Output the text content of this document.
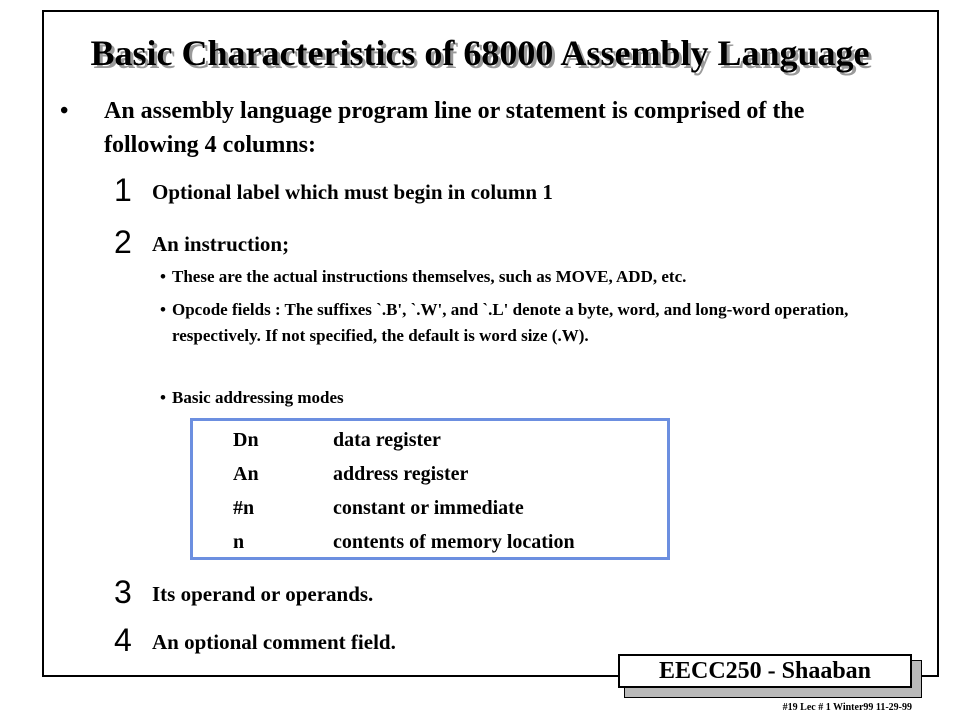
Basic Characteristics of 68000 Assembly Language
• An assembly language program line or statement is comprised of the following 4 columns:
1 Optional label which must begin in column 1
2 An instruction;
• These are the actual instructions themselves, such as MOVE, ADD, etc.
• Opcode fields : The suffixes `.B', `.W', and `.L' denote a byte, word, and long-word operation, respectively. If not specified, the default is word size (.W).
• Basic addressing modes
Dn	data register
An	address register
#n	constant or immediate
n	contents of memory location
3 Its operand or operands.
4 An optional comment field.
EECC250 - Shaaban
#19 Lec # 1 Winter99 11-29-99
